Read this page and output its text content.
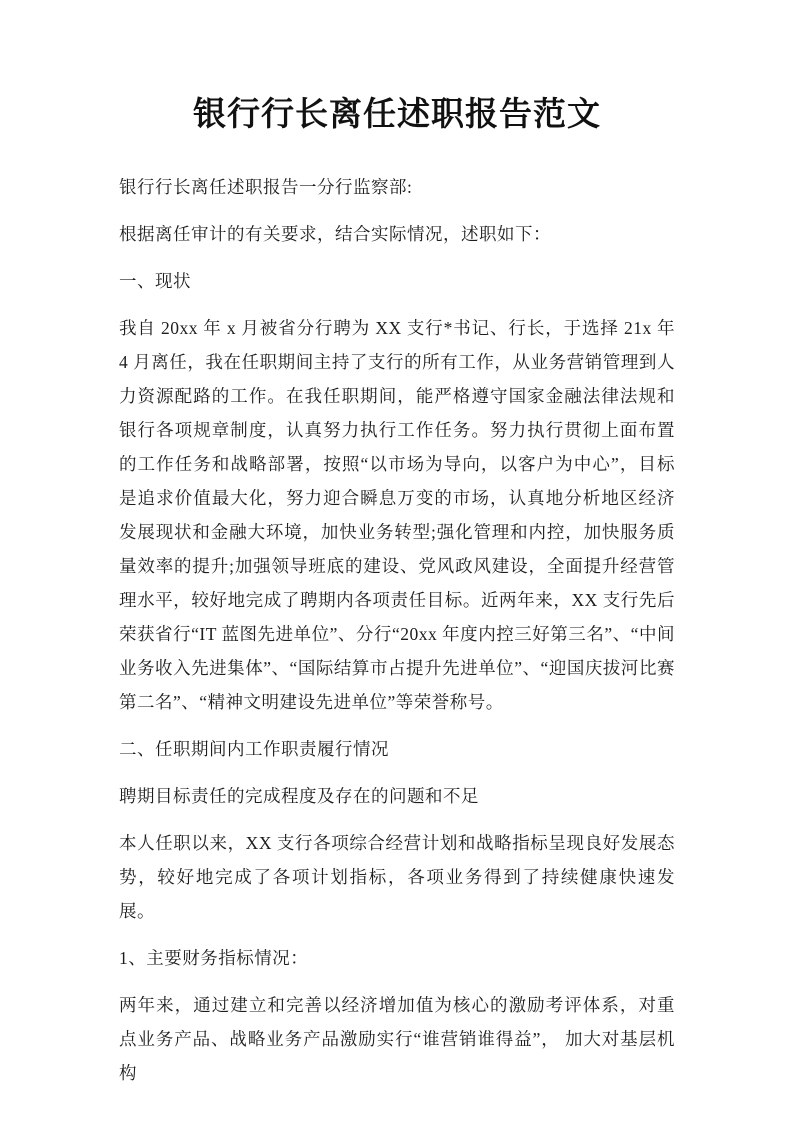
银行行长离任述职报告范文

银行行长离任述职报告一分行监察部:

根据离任审计的有关要求，结合实际情况，述职如下：

一、现状

我自 20xx 年 x 月被省分行聘为 XX 支行*书记、行长，于选择 21x 年 4 月离任，我在任职期间主持了支行的所有工作，从业务营销管理到人力资源配路的工作。在我任职期间，能严格遵守国家金融法律法规和银行各项规章制度，认真努力执行工作任务。努力执行贯彻上面布置的工作任务和战略部署，按照“以市场为导向，以客户为中心”，目标是追求价值最大化，努力迎合瞬息万变的市场，认真地分析地区经济发展现状和金融大环境，加快业务转型;强化管理和内控，加快服务质量效率的提升;加强领导班底的建设、党风政风建设，全面提升经营管理水平，较好地完成了聘期内各项责任目标。近两年来，XX 支行先后荣获省行“IT 蓝图先进单位”、分行“20xx 年度内控三好第三名”、“中间业务收入先进集体”、“国际结算市占提升先进单位”、“迎国庆拔河比赛第二名”、“精神文明建设先进单位”等荣誉称号。

二、任职期间内工作职责履行情况

聘期目标责任的完成程度及存在的问题和不足

本人任职以来，XX 支行各项综合经营计划和战略指标呈现良好发展态势，较好地完成了各项计划指标，各项业务得到了持续健康快速发展。

1、主要财务指标情况：

两年来，通过建立和完善以经济增加值为核心的激励考评体系，对重点业务产品、战略业务产品激励实行“谁营销谁得益”， 加大对基层机构
